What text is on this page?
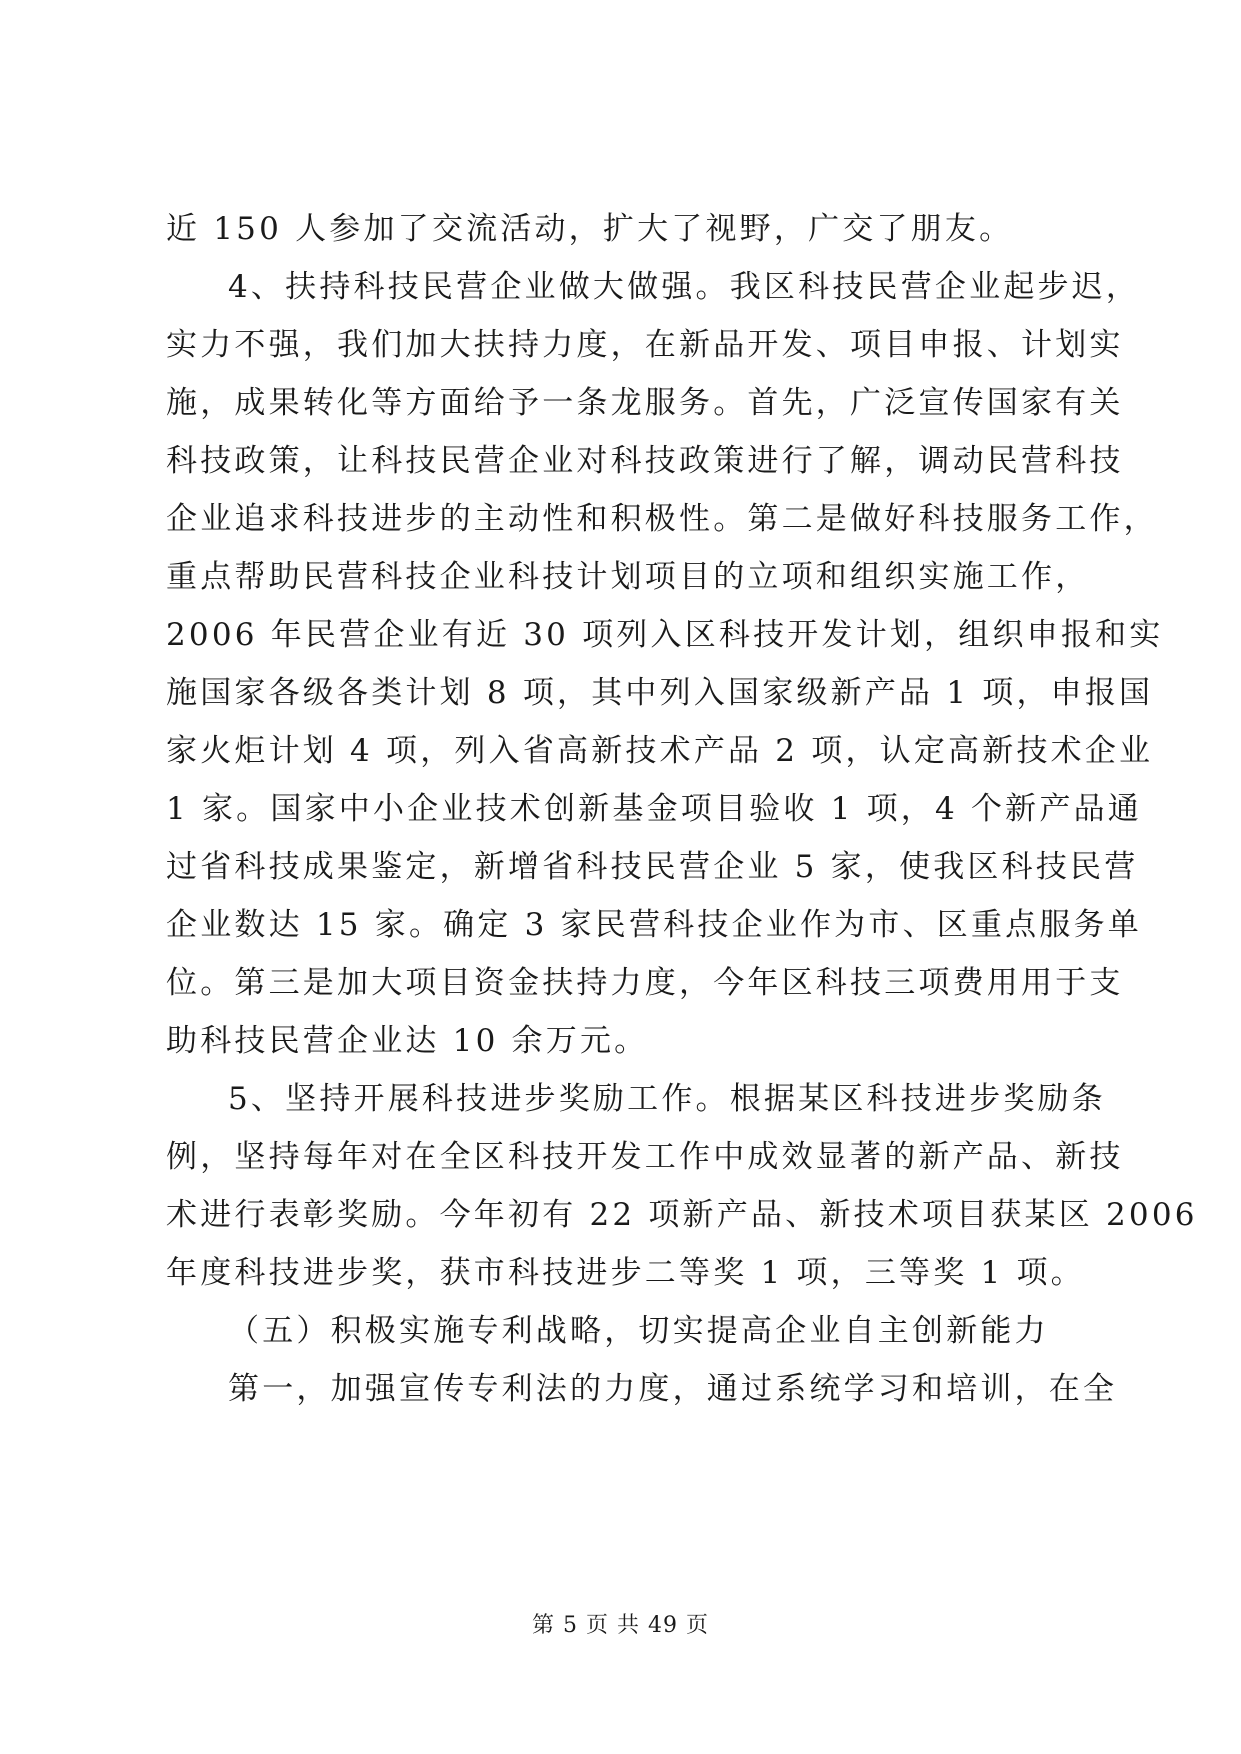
近 150 人参加了交流活动，扩大了视野，广交了朋友。
4、扶持科技民营企业做大做强。我区科技民营企业起步迟，
实力不强，我们加大扶持力度，在新品开发、项目申报、计划实
施，成果转化等方面给予一条龙服务。首先，广泛宣传国家有关
科技政策，让科技民营企业对科技政策进行了解，调动民营科技
企业追求科技进步的主动性和积极性。第二是做好科技服务工作，
重点帮助民营科技企业科技计划项目的立项和组织实施工作，
2006 年民营企业有近 30 项列入区科技开发计划，组织申报和实
施国家各级各类计划 8 项，其中列入国家级新产品 1 项，申报国
家火炬计划 4 项，列入省高新技术产品 2 项，认定高新技术企业
1 家。国家中小企业技术创新基金项目验收 1 项，4 个新产品通
过省科技成果鉴定，新增省科技民营企业 5 家，使我区科技民营
企业数达 15 家。确定 3 家民营科技企业作为市、区重点服务单
位。第三是加大项目资金扶持力度，今年区科技三项费用用于支
助科技民营企业达 10 余万元。
5、坚持开展科技进步奖励工作。根据某区科技进步奖励条
例，坚持每年对在全区科技开发工作中成效显著的新产品、新技
术进行表彰奖励。今年初有 22 项新产品、新技术项目获某区 2006
年度科技进步奖，获市科技进步二等奖 1 项，三等奖 1 项。
（五）积极实施专利战略，切实提高企业自主创新能力
第一，加强宣传专利法的力度，通过系统学习和培训，在全
第 5 页 共 49 页
